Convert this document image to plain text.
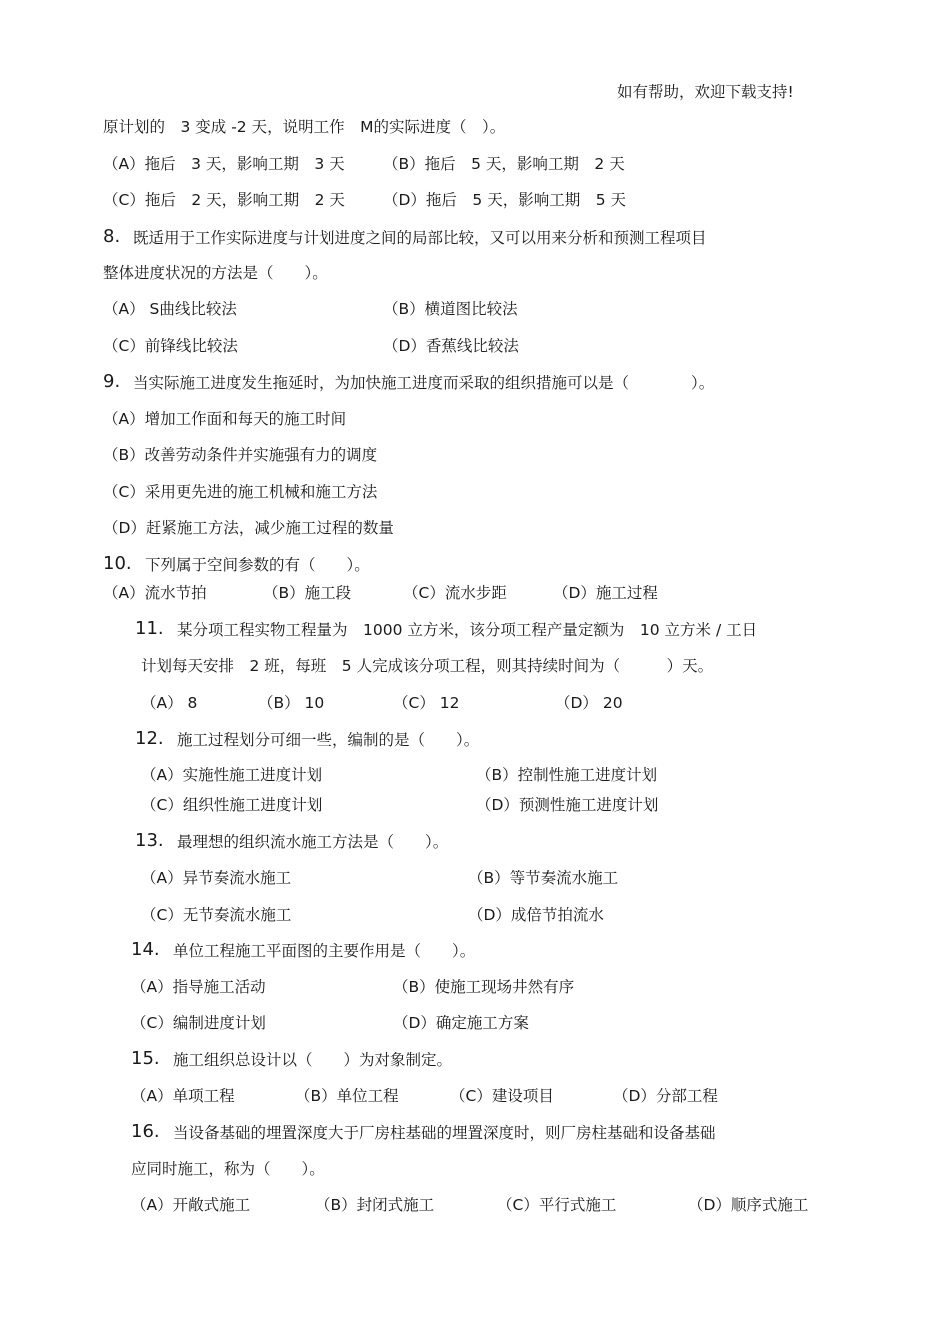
如有帮助，欢迎下载支持!
原计划的　3 变成 -2 天，说明工作　M的实际进度（　）。
（A）拖后　3 天，影响工期　3 天 （B）拖后　5 天，影响工期　2 天
（C）拖后　2 天，影响工期　2 天 （D）拖后　5 天，影响工期　5 天
8. 既适用于工作实际进度与计划进度之间的局部比较，又可以用来分析和预测工程项目
整体进度状况的方法是（　　）。
（A） S曲线比较法	（B）横道图比较法
（C）前锋线比较法	（D）香蕉线比较法
9. 当实际施工进度发生拖延时，为加快施工进度而采取的组织措施可以是（　　　　）。
（A）增加工作面和每天的施工时间
（B）改善劳动条件并实施强有力的调度
（C）采用更先进的施工机械和施工方法
（D）赶紧施工方法，减少施工过程的数量
10. 下列属于空间参数的有（　　）。
（A）流水节拍	（B）施工段	（C）流水步距	（D）施工过程
11. 某分项工程实物工程量为　1000 立方米，该分项工程产量定额为　10 立方米 / 工日
计划每天安排　2 班，每班　5 人完成该分项工程，则其持续时间为（　　　）天。
（A） 8	（B） 10	（C） 12	（D） 20
12. 施工过程划分可细一些，编制的是（　　）。
（A）实施性施工进度计划	（B）控制性施工进度计划
（C）组织性施工进度计划	（D）预测性施工进度计划
13. 最理想的组织流水施工方法是（　　）。
（A）异节奏流水施工	（B）等节奏流水施工
（C）无节奏流水施工	（D）成倍节拍流水
14. 单位工程施工平面图的主要作用是（　　）。
（A）指导施工活动	（B）使施工现场井然有序
（C）编制进度计划	（D）确定施工方案
15. 施工组织总设计以（　　）为对象制定。
（A）单项工程	（B）单位工程	（C）建设项目	（D）分部工程
16. 当设备基础的埋置深度大于厂房柱基础的埋置深度时，则厂房柱基础和设备基础
应同时施工，称为（　　）。
（A）开敞式施工	（B）封闭式施工	（C）平行式施工	（D）顺序式施工
